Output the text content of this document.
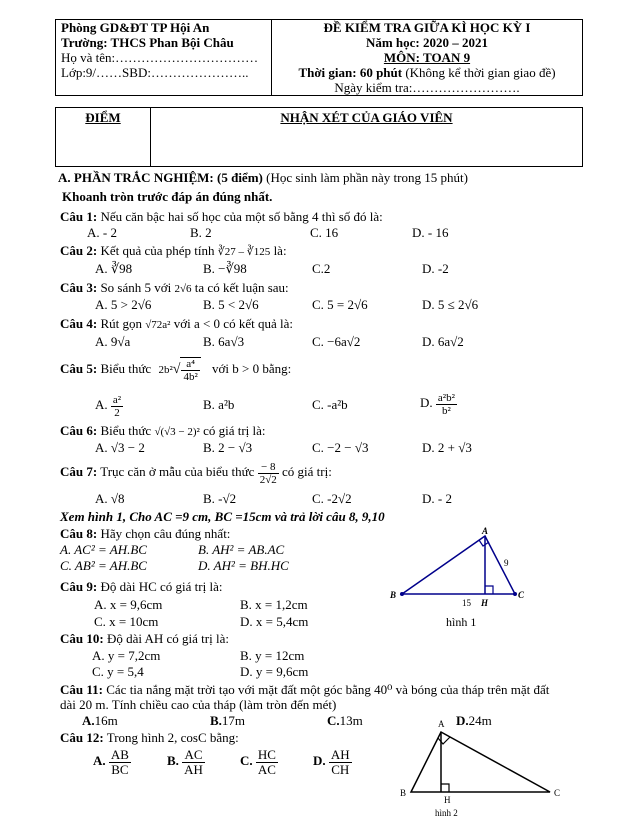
Phòng GD&ĐT TP Hội An
Trường: THCS Phan Bội Châu
Họ và tên:……………………………
Lớp:9/……SBD:…………………..

ĐỀ KIỂM TRA GIỮA KÌ HỌC KỲ I
Năm học: 2020 – 2021
MÔN: TOAN 9
Thời gian: 60 phút (Không kể thời gian giao đề)
Ngày kiểm tra:…………………….
ĐIỂM	NHẬN XÉT CỦA GIÁO VIÊN
A. PHẦN TRẮC NGHIỆM: (5 điểm) (Học sinh làm phần này trong 15 phút)
Khoanh tròn trước đáp án đúng nhất.
Câu 1: Nếu căn bậc hai số học của một số bằng 4 thì số đó là:
A. - 2	B. 2	C. 16	D. - 16
Câu 2: Kết quả của phép tính ∛27 – ∛125 là:
A. ∛98	B. −∛98	C.2	D. -2
Câu 3: So sánh 5 với 2√6 ta có kết luận sau:
A. 5 > 2√6	B. 5 < 2√6	C. 5 = 2√6	D. 5 ≤ 2√6
Câu 4: Rút gọn √72a² với a < 0 có kết quả là:
A. 9√a	B. 6a√3	C. −6a√2	D. 6a√2
Câu 5: Biểu thức $2b^2√ \frac{\text{a⁴}}{\text{4b²}}$ với b > 0 bằng:
A. $\frac{\text{a²}}{2}$	B. a²b	C. -a²b	D. $\frac{\text{a²b²}}{\text{b²}}$
Câu 6: Biểu thức √(√3 − 2)² có giá trị là:
A. √3 − 2	B. 2 − √3	C. −2 − √3	D. 2 + √3
Câu 7: Trục căn ở mẫu của biểu thức $\frac{- 8}{2√2}$ có giá trị:
A. √8	B. -√2	C. -2√2	D. - 2
Xem hình 1, Cho AC =9 cm, BC =15cm và trả lời câu 8, 9,10
Câu 8: Hãy chọn câu đúng nhất:
A. AC² = AH.BC	B. AH² = AB.AC
C. AB² = AH.BC	D. AH² = BH.HC
Câu 9: Độ dài HC có giá trị là:
A. x = 9,6cm	B. x = 1,2cm
C. x = 10cm	D. x = 5,4cm
Câu 10: Độ dài AH có giá trị là:
A. y = 7,2cm	B. y = 12cm
C. y = 5,4	D. y = 9,6cm
Câu 11: Các tia nắng mặt trời tạo với mặt đất một góc bằng 40⁰ và bóng của tháp trên mặt đất
dài 20 m. Tính chiều cao của tháp (làm tròn đến mét)
A.16m	B.17m	C.13m	D.24m
Câu 12: Trong hình 2, cosC bằng:
A. $\frac{AB}{BC}$	B. $\frac{AC}{AH}$	C. $\frac{HC}{AC}$	D. $\frac{AH}{CH}$
A
B	C
H
9
15
hình 1
A
B	C
H
hình 2
